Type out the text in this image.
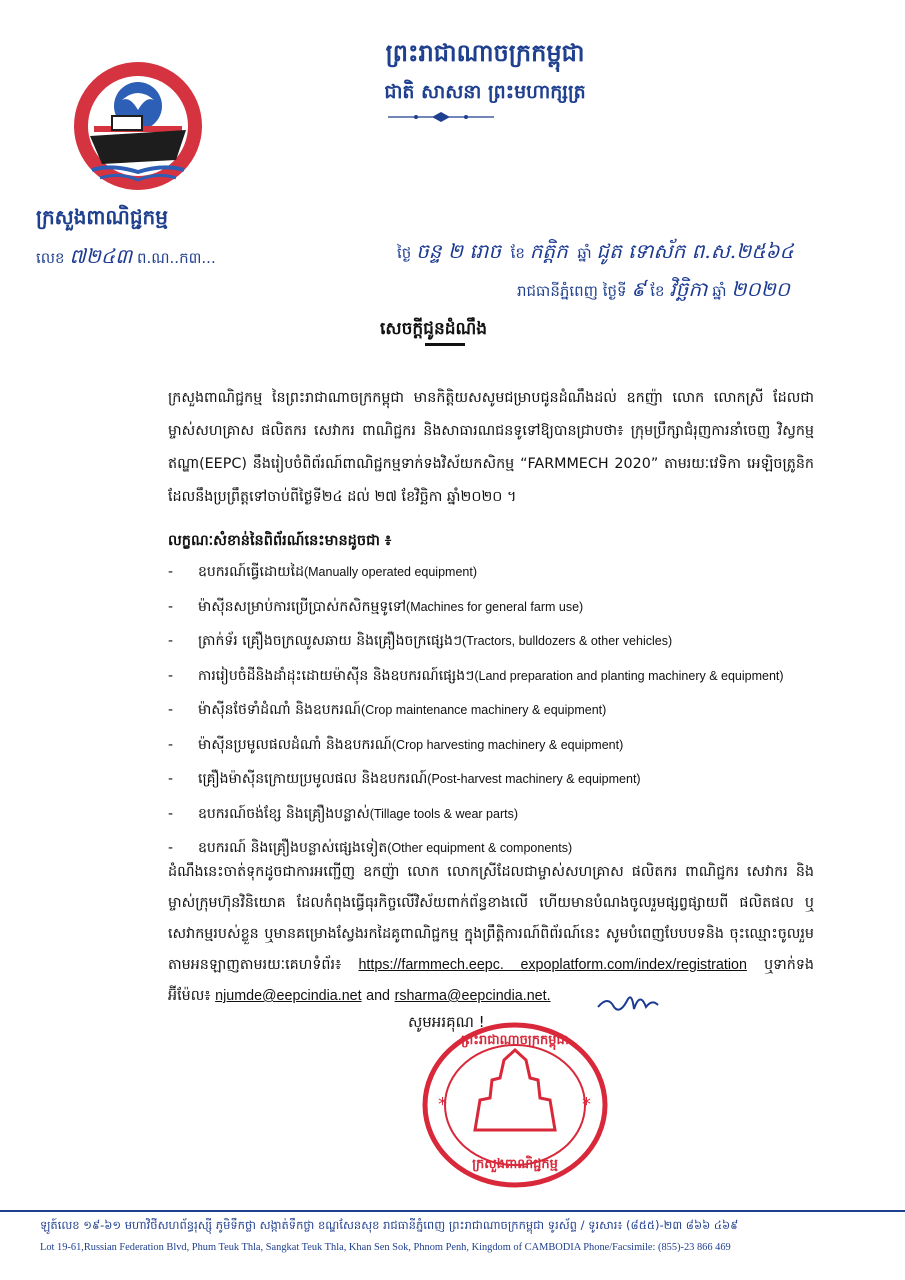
ព្រះរាជាណាចក្រកម្ពុជា
ជាតិ សាសនា ព្រះមហាក្សត្រ
ក្រសួងពាណិជ្ជកម្ម
លេខ ៧២៤៣ ព.ណ..ក៣...	ថ្ងៃ ចន្ទ ២ រោច ខែ កត្តិក ឆ្នាំ ជូត ទោស័ក ព.ស.២៥៦៤
រាជធានីភ្នំពេញ ថ្ងៃទី ៩ ខែ វិច្ឆិកា ឆ្នាំ ២០២០
សេចក្តីជូនដំណឹង
ក្រសួងពាណិជ្ជកម្ម នៃព្រះរាជាណាចក្រកម្ពុជា មានកិត្តិយសសូមជម្រាបជូនដំណឹងដល់ ឧកញ៉ា លោក លោកស្រី ដែលជាម្ចាស់សហគ្រាស ផលិតករ សេវាករ ពាណិជ្ជករ និងសាធារណជនទូទៅឱ្យបានជ្រាបថា៖ ក្រុមប្រឹក្សាជំរុញការនាំចេញ វិស្វកម្មឥណ្ឌា(EEPC) នឹងរៀបចំពិព័រណ៍ពាណិជ្ជកម្មទាក់ទងវិស័យកសិកម្ម “FARMMECH 2020” តាមរយៈវេទិកា អេឡិចត្រូនិកដែលនឹងប្រព្រឹត្តទៅចាប់ពីថ្ងៃទី២៤ ដល់ ២៧ ខែវិច្ឆិកា ឆ្នាំ២០២០ ។
លក្ខណៈសំខាន់នៃពិព័រណ៍នេះមានដូចជា ៖
- ឧបករណ៍ធ្វើដោយដៃ(Manually operated equipment)
- ម៉ាស៊ីនសម្រាប់ការប្រើប្រាស់កសិកម្មទូទៅ(Machines for general farm use)
- ត្រាក់ទ័រ គ្រឿងចក្រឈូសឆាយ និងគ្រឿងចក្រផ្សេងៗ(Tractors, bulldozers & other vehicles)
- ការរៀបចំដីនិងដាំដុះដោយម៉ាស៊ីន និងឧបករណ៍ផ្សេងៗ(Land preparation and planting machinery & equipment)
- ម៉ាស៊ីនថែទាំដំណាំ និងឧបករណ៍(Crop maintenance machinery & equipment)
- ម៉ាស៊ីនប្រមូលផលដំណាំ និងឧបករណ៍(Crop harvesting machinery & equipment)
- គ្រឿងម៉ាស៊ីនក្រោយប្រមូលផល និងឧបករណ៍(Post-harvest machinery & equipment)
- ឧបករណ៍ចង់ខ្សែ និងគ្រឿងបន្លាស់(Tillage tools & wear parts)
- ឧបករណ៍ និងគ្រឿងបន្លាស់ផ្សេងទៀត(Other equipment & components)
ដំណឹងនេះចាត់ទុកដូចជាការអញ្ជើញ ឧកញ៉ា លោក លោកស្រីដែលជាម្ចាស់សហគ្រាស ផលិតករ ពាណិជ្ជករ សេវាករ និងម្ចាស់ក្រុមហ៊ុនវិនិយោគ ដែលកំពុងធ្វើធុរកិច្ចលើវិស័យពាក់ព័ន្ធខាងលើ ហើយមានបំណងចូលរួមផ្សព្វផ្សាយពី ផលិតផល ឬ សេវាកម្មរបស់ខ្លួន ឬមានគម្រោងស្វែងរកដៃគូពាណិជ្ជកម្ម ក្នុងព្រឹត្តិការណ៍ពិព័រណ៍នេះ សូមបំពេញបែបបទនិង ចុះឈ្មោះចូលរួមតាមអនឡាញតាមរយៈគេហទំព័រ៖ https://farmmech.eepc. expoplatform.com/index/registration ឬទាក់ទងអ៊ីម៉ែល៖ njumde@eepcindia.net and rsharma@eepcindia.net.
សូមអរគុណ !
*	*
ព្រះរាជាណាចក្រកម្ពុជា
ក្រសួងពាណិជ្ជកម្ម
ឡូត៍លេខ ១៩-៦១ មហាវិថីសហព័ន្ធរុស្ស៊ី ភូមិទឹកថ្លា សង្កាត់ទឹកថ្លា ខណ្ឌសែនសុខ រាជធានីភ្នំពេញ ព្រះរាជាណាចក្រកម្ពុជា ទូរស័ព្ទ / ទូរសារ៖ (៨៥៥)-២៣ ៨៦៦ ៤៦៩
Lot 19-61,Russian Federation Blvd, Phum Teuk Thla, Sangkat Teuk Thla, Khan Sen Sok, Phnom Penh, Kingdom of CAMBODIA Phone/Facsimile: (855)-23 866 469
